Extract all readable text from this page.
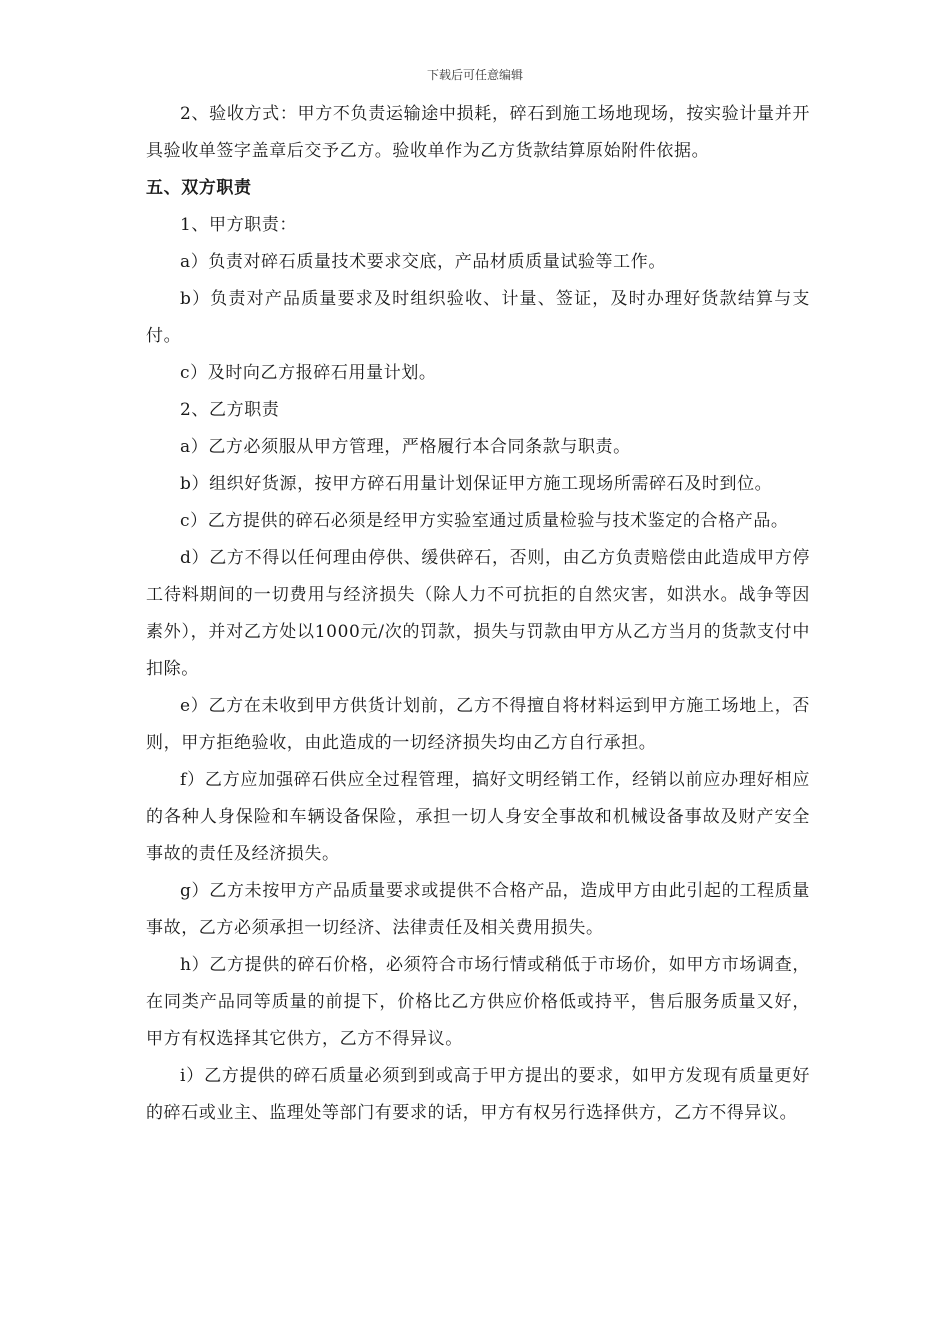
下载后可任意编辑

2、验收方式：甲方不负责运输途中损耗，碎石到施工场地现场，按实验计量并开具验收单签字盖章后交予乙方。验收单作为乙方货款结算原始附件依据。

五、双方职责

1、甲方职责：

a）负责对碎石质量技术要求交底，产品材质质量试验等工作。

b）负责对产品质量要求及时组织验收、计量、签证，及时办理好货款结算与支付。

c）及时向乙方报碎石用量计划。

2、乙方职责

a）乙方必须服从甲方管理，严格履行本合同条款与职责。

b）组织好货源，按甲方碎石用量计划保证甲方施工现场所需碎石及时到位。

c）乙方提供的碎石必须是经甲方实验室通过质量检验与技术鉴定的合格产品。

d）乙方不得以任何理由停供、缓供碎石，否则，由乙方负责赔偿由此造成甲方停工待料期间的一切费用与经济损失（除人力不可抗拒的自然灾害，如洪水。战争等因素外），并对乙方处以1000元/次的罚款，损失与罚款由甲方从乙方当月的货款支付中扣除。

e）乙方在未收到甲方供货计划前，乙方不得擅自将材料运到甲方施工场地上，否则，甲方拒绝验收，由此造成的一切经济损失均由乙方自行承担。

f）乙方应加强碎石供应全过程管理，搞好文明经销工作，经销以前应办理好相应的各种人身保险和车辆设备保险，承担一切人身安全事故和机械设备事故及财产安全事故的责任及经济损失。

g）乙方未按甲方产品质量要求或提供不合格产品，造成甲方由此引起的工程质量事故，乙方必须承担一切经济、法律责任及相关费用损失。

h）乙方提供的碎石价格，必须符合市场行情或稍低于市场价，如甲方市场调查，在同类产品同等质量的前提下，价格比乙方供应价格低或持平，售后服务质量又好，甲方有权选择其它供方，乙方不得异议。

i）乙方提供的碎石质量必须到到或高于甲方提出的要求，如甲方发现有质量更好的碎石或业主、监理处等部门有要求的话，甲方有权另行选择供方，乙方不得异议。
